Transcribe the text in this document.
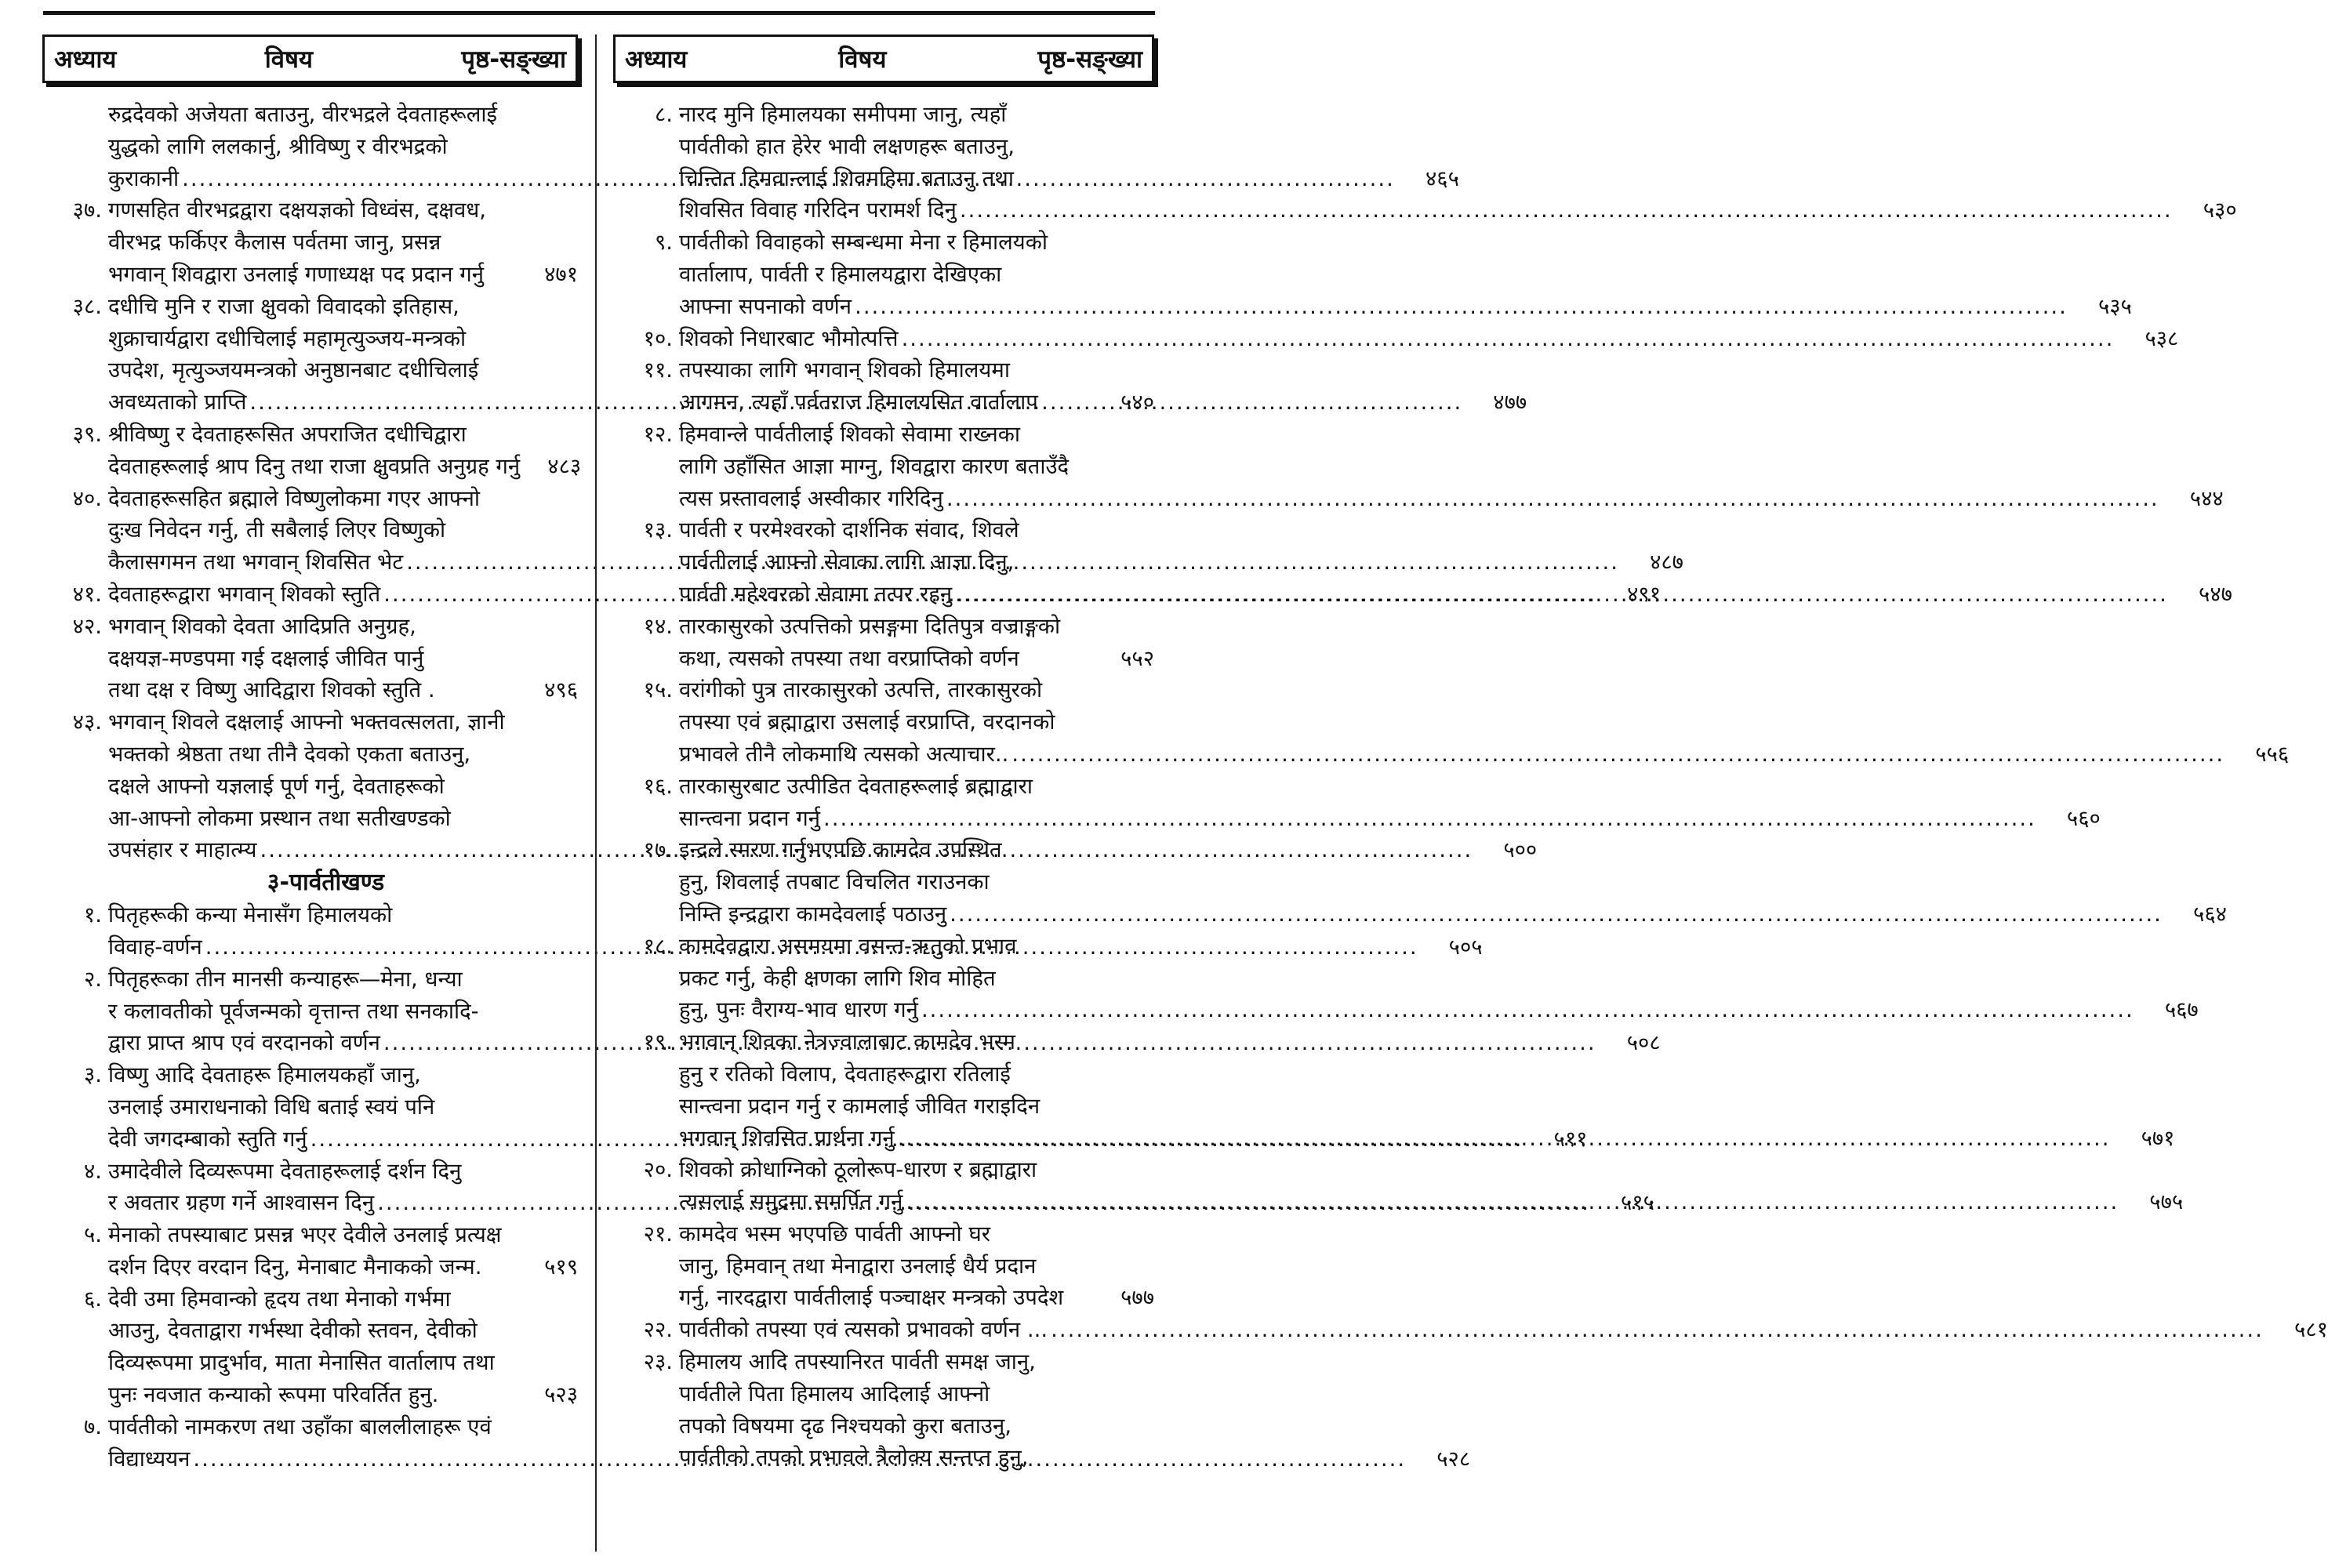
अध्याय	विषय	पृष्ठ-सङ्ख्या
रुद्रदेवको अजेयता बताउनु, वीरभद्रले देवताहरूलाई
युद्धको लागि ललकार्नु, श्रीविष्णु र वीरभद्रको
कुराकानी .....	४६५
३७. गणसहित वीरभद्रद्वारा दक्षयज्ञको विध्वंस, दक्षवध,
वीरभद्र फर्किएर कैलास पर्वतमा जानु, प्रसन्न
भगवान् शिवद्वारा उनलाई गणाध्यक्ष पद प्रदान गर्नु	४७१
३८. दधीचि मुनि र राजा क्षुवको विवादको इतिहास,
शुक्राचार्यद्वारा दधीचिलाई महामृत्युञ्जय-मन्त्रको
उपदेश, मृत्युञ्जयमन्त्रको अनुष्ठानबाट दधीचिलाई
अवध्यताको प्राप्ति .....	४७७
३९. श्रीविष्णु र देवताहरूसित अपराजित दधीचिद्वारा
देवताहरूलाई श्राप दिनु तथा राजा क्षुवप्रति अनुग्रह गर्नु	४८३
४०. देवताहरूसहित ब्रह्माले विष्णुलोकमा गएर आफ्नो
दुःख निवेदन गर्नु, ती सबैलाई लिएर विष्णुको
कैलासगमन तथा भगवान् शिवसित भेट .....	४८७
४१. देवताहरूद्वारा भगवान् शिवको स्तुति .....	४९१
४२. भगवान् शिवको देवता आदिप्रति अनुग्रह,
दक्षयज्ञ-मण्डपमा गई दक्षलाई जीवित पार्नु
तथा दक्ष र विष्णु आदिद्वारा शिवको स्तुति .	४९६
४३. भगवान् शिवले दक्षलाई आफ्नो भक्तवत्सलता, ज्ञानी
भक्तको श्रेष्ठता तथा तीनै देवको एकता बताउनु,
दक्षले आफ्नो यज्ञलाई पूर्ण गर्नु, देवताहरूको
आ-आफ्नो लोकमा प्रस्थान तथा सतीखण्डको
उपसंहार र माहात्म्य .....	५००
३-पार्वतीखण्ड
१. पितृहरूकी कन्या मेनासँग हिमालयको
विवाह-वर्णन .....	५०५
२. पितृहरूका तीन मानसी कन्याहरू—मेना, धन्या
र कलावतीको पूर्वजन्मको वृत्तान्त तथा सनकादि-
द्वारा प्राप्त श्राप एवं वरदानको वर्णन .....	५०८
३. विष्णु आदि देवताहरू हिमालयकहाँ जानु,
उनलाई उमाराधनाको विधि बताई स्वयं पनि
देवी जगदम्बाको स्तुति गर्नु .....	५११
४. उमादेवीले दिव्यरूपमा देवताहरूलाई दर्शन दिनु
र अवतार ग्रहण गर्ने आश्वासन दिनु .....	५१५
५. मेनाको तपस्याबाट प्रसन्न भएर देवीले उनलाई प्रत्यक्ष
दर्शन दिएर वरदान दिनु, मेनाबाट मैनाकको जन्म.	५१९
६. देवी उमा हिमवान्को हृदय तथा मेनाको गर्भमा
आउनु, देवताद्वारा गर्भस्था देवीको स्तवन, देवीको
दिव्यरूपमा प्रादुर्भाव, माता मेनासित वार्तालाप तथा
पुनः नवजात कन्याको रूपमा परिवर्तित हुनु.	५२३
७. पार्वतीको नामकरण तथा उहाँका बाललीलाहरू एवं
विद्याध्ययन .....	५२८
अध्याय	विषय	पृष्ठ-सङ्ख्या
८. नारद मुनि हिमालयका समीपमा जानु, त्यहाँ
पार्वतीको हात हेरेर भावी लक्षणहरू बताउनु,
चिन्तित हिमवान्लाई शिवमहिमा बताउनु तथा
शिवसित विवाह गरिदिन परामर्श दिनु .....	५३०
९. पार्वतीको विवाहको सम्बन्धमा मेना र हिमालयको
वार्तालाप, पार्वती र हिमालयद्वारा देखिएका
आफ्ना सपनाको वर्णन .....	५३५
१०. शिवको निधारबाट भौमोत्पत्ति .....	५३८
११. तपस्याका लागि भगवान् शिवको हिमालयमा
आगमन, त्यहाँ पर्वतराज हिमालयसित वार्तालाप	५४०
१२. हिमवान्ले पार्वतीलाई शिवको सेवामा राख्नका
लागि उहाँसित आज्ञा माग्नु, शिवद्वारा कारण बताउँदै
त्यस प्रस्तावलाई अस्वीकार गरिदिनु .....	५४४
१३. पार्वती र परमेश्वरको दार्शनिक संवाद, शिवले
पार्वतीलाई आफ्नो सेवाका लागि आज्ञा दिनु,
पार्वती महेश्वरको सेवामा तत्पर रहनु .....	५४७
१४. तारकासुरको उत्पत्तिको प्रसङ्गमा दितिपुत्र वज्राङ्गको
कथा, त्यसको तपस्या तथा वरप्राप्तिको वर्णन	५५२
१५. वरांगीको पुत्र तारकासुरको उत्पत्ति, तारकासुरको
तपस्या एवं ब्रह्माद्वारा उसलाई वरप्राप्ति, वरदानको
प्रभावले तीनै लोकमाथि त्यसको अत्याचार.. .....	५५६
१६. तारकासुरबाट उत्पीडित देवताहरूलाई ब्रह्माद्वारा
सान्त्वना प्रदान गर्नु .....	५६०
१७. इन्द्रले स्मरण गर्नुभएपछि कामदेव उपस्थित
हुनु, शिवलाई तपबाट विचलित गराउनका
निम्ति इन्द्रद्वारा कामदेवलाई पठाउनु .....	५६४
१८. कामदेवद्वारा असमयमा वसन्त-ऋतुको प्रभाव
प्रकट गर्नु, केही क्षणका लागि शिव मोहित
हुनु, पुनः वैराग्य-भाव धारण गर्नु .....	५६७
१९. भगवान् शिवका नेत्रज्वालाबाट कामदेव भस्म
हुनु र रतिको विलाप, देवताहरूद्वारा रतिलाई
सान्त्वना प्रदान गर्नु र कामलाई जीवित गराइदिन
भगवान् शिवसित प्रार्थना गर्नु .....	५७१
२०. शिवको क्रोधाग्निको ठूलोरूप-धारण र ब्रह्माद्वारा
त्यसलाई समुद्रमा समर्पित गर्नु .....	५७५
२१. कामदेव भस्म भएपछि पार्वती आफ्नो घर
जानु, हिमवान् तथा मेनाद्वारा उनलाई धैर्य प्रदान
गर्नु, नारदद्वारा पार्वतीलाई पञ्चाक्षर मन्त्रको उपदेश	५७७
२२. पार्वतीको तपस्या एवं त्यसको प्रभावको वर्णन ... .....	५८१
२३. हिमालय आदि तपस्यानिरत पार्वती समक्ष जानु,
पार्वतीले पिता हिमालय आदिलाई आफ्नो
तपको विषयमा दृढ निश्चयको कुरा बताउनु,
पार्वतीको तपको प्रभावले त्रैलोक्य सन्तप्त हुनु,
